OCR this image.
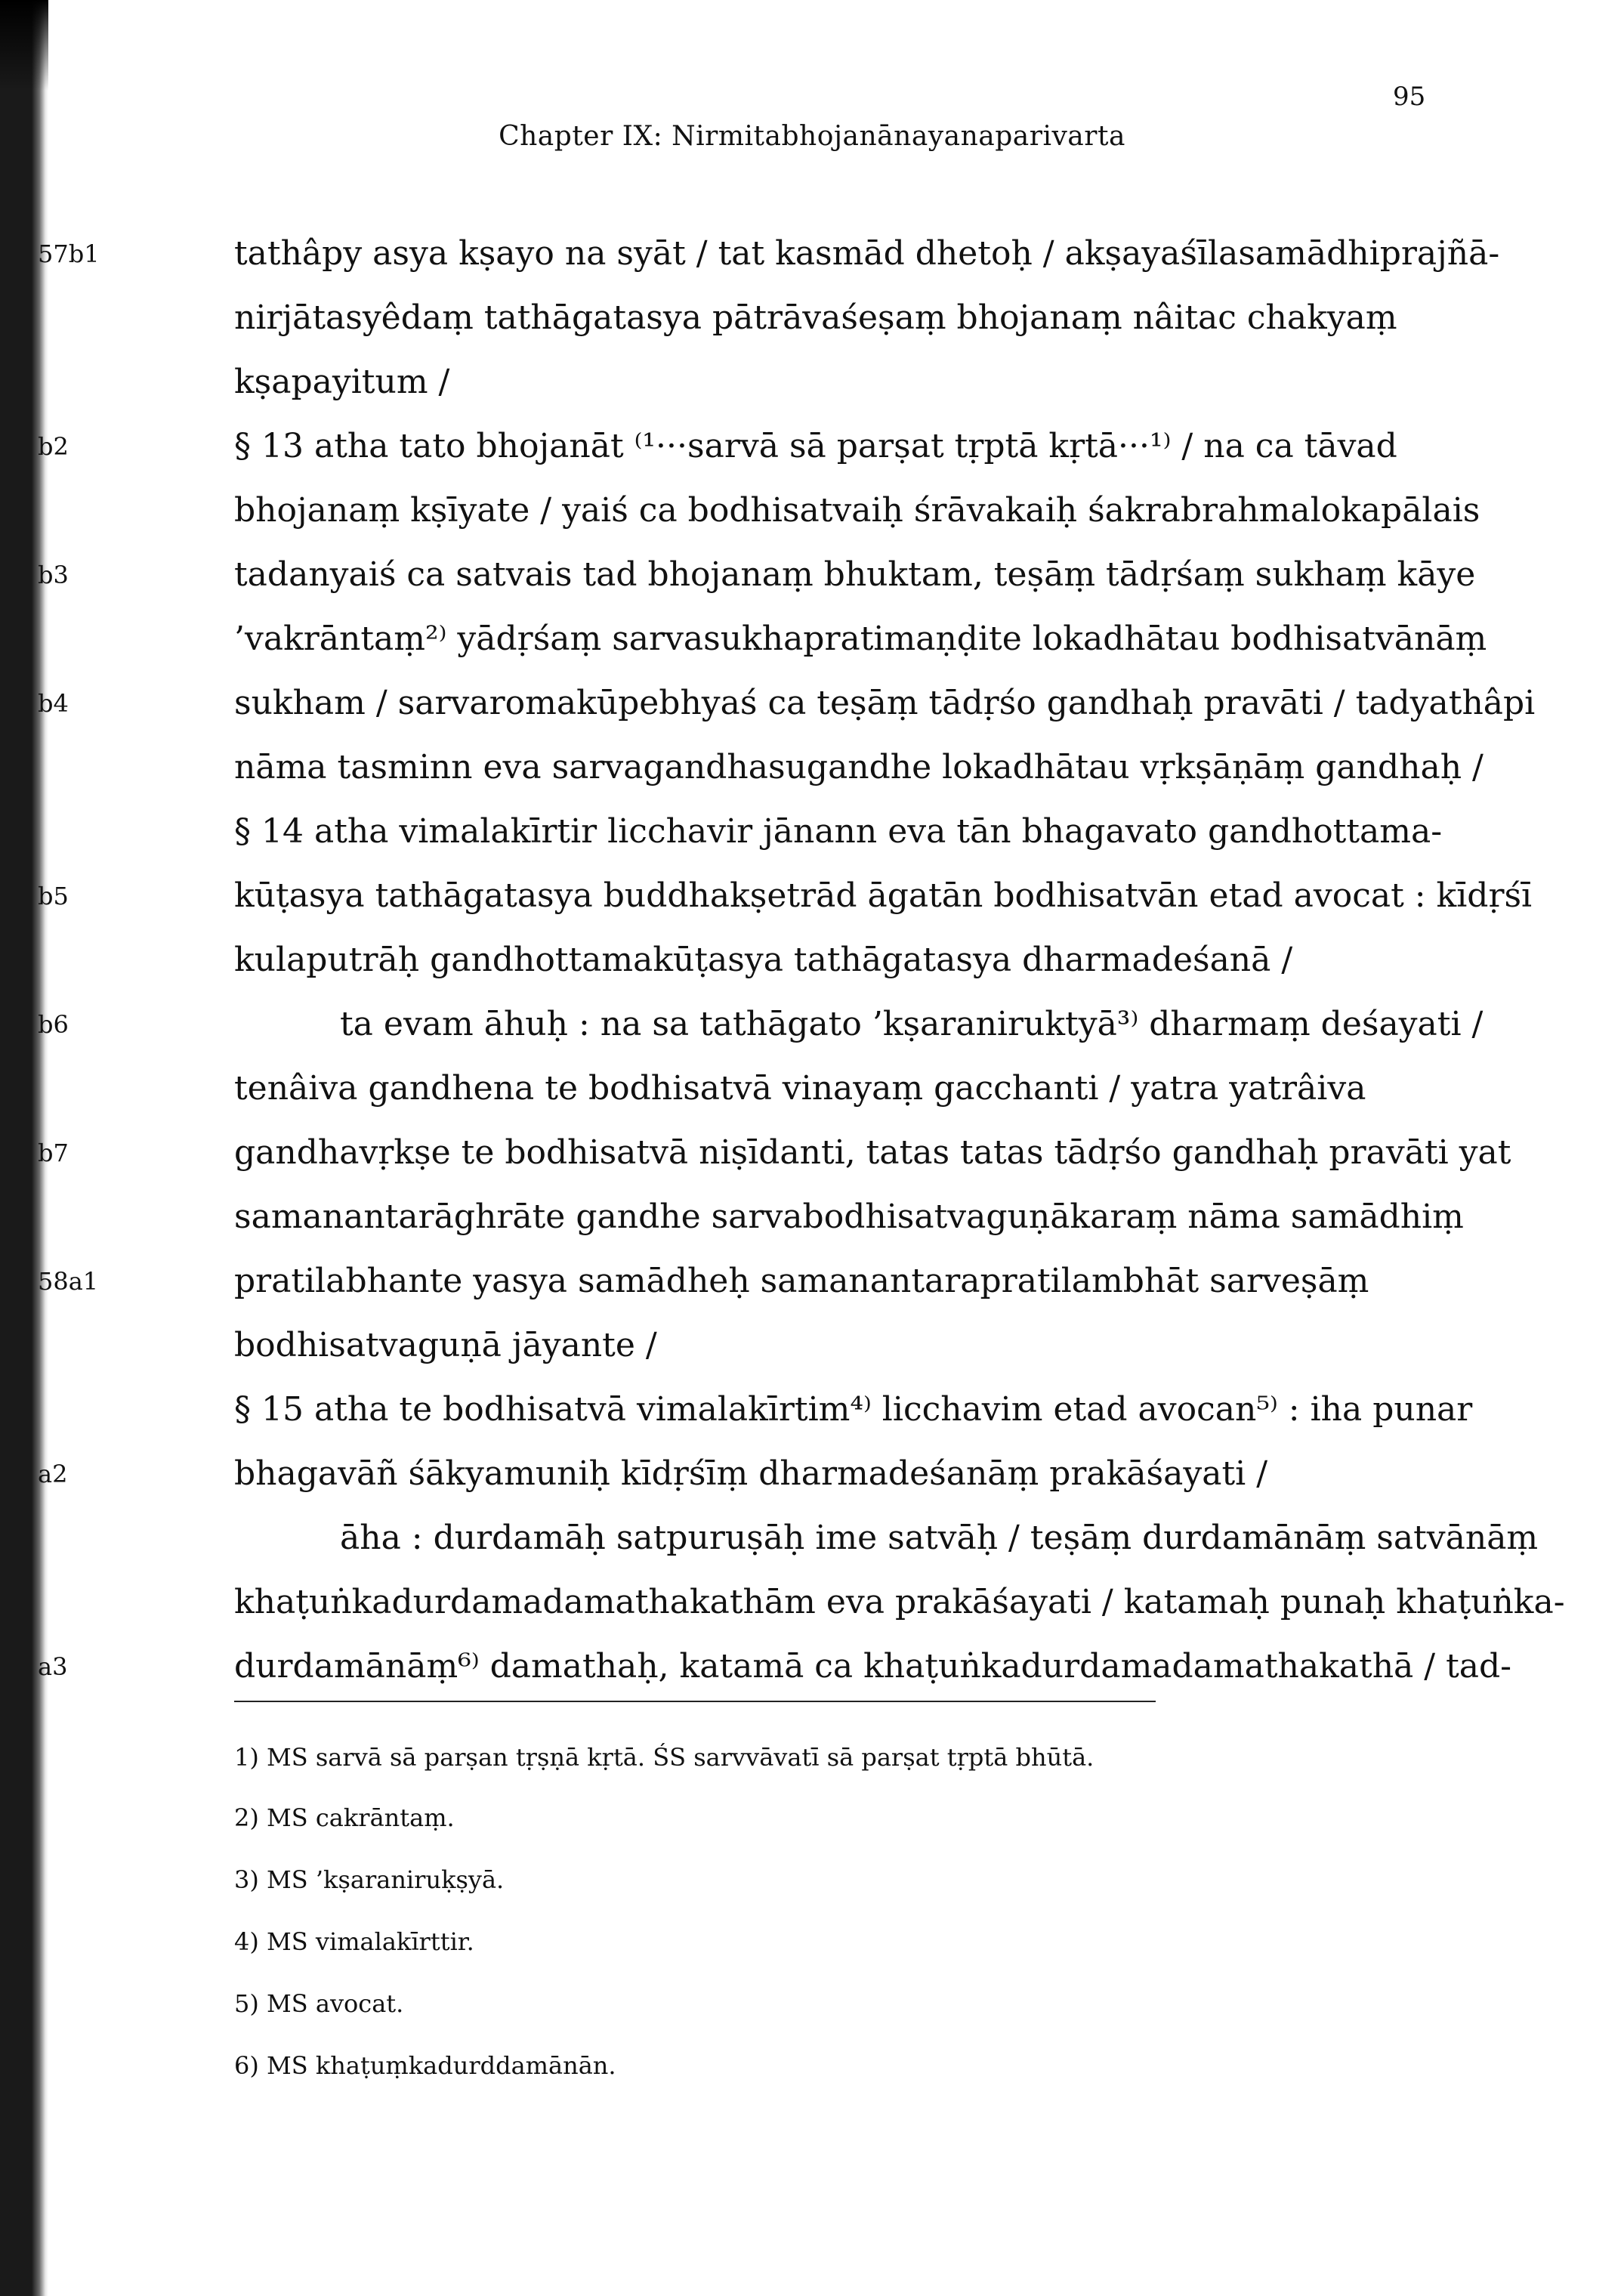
95
Chapter IX: Nirmitabhojanānayanaparivarta
57b1	tathâpy asya kṣayo na syāt / tat kasmād dhetoḥ / akṣayaśīlasamādhiprajñā-
nirjātasyêdaṃ tathāgatasya pātrāvaśeṣaṃ bhojanaṃ nâitac chakyaṃ
kṣapayitum /
b2	§ 13 atha tato bhojanāt ⁽¹···sarvā sā parṣat tṛptā kṛtā···¹⁾ / na ca tāvad
bhojanaṃ kṣīyate / yaiś ca bodhisatvaiḥ śrāvakaiḥ śakrabrahmalokapālais
b3	tadanyaiś ca satvais tad bhojanaṃ bhuktam, teṣāṃ tādṛśaṃ sukhaṃ kāye
’vakrāntaṃ²⁾ yādṛśaṃ sarvasukhapratimaṇḍite lokadhātau bodhisatvānāṃ
b4	sukham / sarvaromakūpebhyaś ca teṣāṃ tādṛśo gandhaḥ pravāti / tadyathâpi
nāma tasminn eva sarvagandhasugandhe lokadhātau vṛkṣāṇāṃ gandhaḥ /
§ 14 atha vimalakīrtir licchavir jānann eva tān bhagavato gandhottama-
b5	kūṭasya tathāgatasya buddhakṣetrād āgatān bodhisatvān etad avocat : kīdṛśī
kulaputrāḥ gandhottamakūṭasya tathāgatasya dharmadeśanā /
b6	ta evam āhuḥ : na sa tathāgato ’kṣaraniruktyā³⁾ dharmaṃ deśayati /
tenâiva gandhena te bodhisatvā vinayaṃ gacchanti / yatra yatrâiva
b7	gandhavṛkṣe te bodhisatvā niṣīdanti, tatas tatas tādṛśo gandhaḥ pravāti yat
samanantarāghrāte gandhe sarvabodhisatvaguṇākaraṃ nāma samādhiṃ
58a1	pratilabhante yasya samādheḥ samanantarapratilambhāt sarveṣāṃ
bodhisatvaguṇā jāyante /
§ 15 atha te bodhisatvā vimalakīrtim⁴⁾ licchavim etad avocan⁵⁾ : iha punar
a2	bhagavāñ śākyamuniḥ kīdṛśīṃ dharmadeśanāṃ prakāśayati /
āha : durdamāḥ satpuruṣāḥ ime satvāḥ / teṣāṃ durdamānāṃ satvānāṃ
khaṭuṅkadurdamadamathakathām eva prakāśayati / katamaḥ punaḥ khaṭuṅka-
a3	durdamānāṃ⁶⁾ damathaḥ, katamā ca khaṭuṅkadurdamadamathakathā / tad-
1) MS sarvā sā parṣan tṛṣṇā kṛtā. ŚS sarvvāvatī sā parṣat tṛptā bhūtā.
2) MS cakrāntaṃ.
3) MS ’kṣaraniruḳṣyā.
4) MS vimalakīrttir.
5) MS avocat.
6) MS khaṭuṃkadurddamānān.
